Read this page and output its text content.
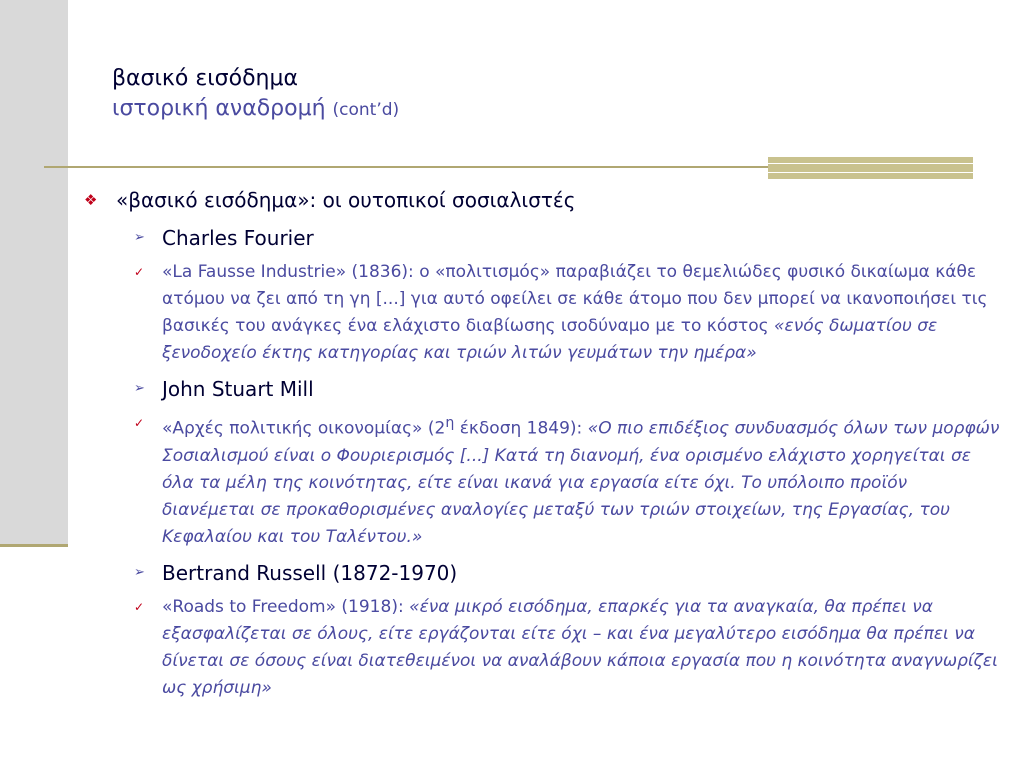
βασικό εισόδημα
ιστορική αναδρομή (cont’d)
❖ «βασικό εισόδημα»: οι ουτοπικοί σοσιαλιστές
➢ Charles Fourier
✓ «La Fausse Industrie» (1836): ο «πολιτισμός» παραβιάζει το θεμελιώδες φυσικό δικαίωμα κάθε ατόμου να ζει από τη γη [...] για αυτό οφείλει σε κάθε άτομο που δεν μπορεί να ικανοποιήσει τις βασικές του ανάγκες ένα ελάχιστο διαβίωσης ισοδύναμο με το κόστος «ενός δωματίου σε ξενοδοχείο έκτης κατηγορίας και τριών λιτών γευμάτων την ημέρα»
➢ John Stuart Mill
✓ «Αρχές πολιτικής οικονομίας» ($2^\eta$ έκδοση 1849): «Ο πιο επιδέξιος συνδυασμός όλων των μορφών Σοσιαλισμού είναι ο Φουριερισμός [...] Κατά τη διανομή, ένα ορισμένο ελάχιστο χορηγείται σε όλα τα μέλη της κοινότητας, είτε είναι ικανά για εργασία είτε όχι. Το υπόλοιπο προϊόν διανέμεται σε προκαθορισμένες αναλογίες μεταξύ των τριών στοιχείων, της Εργασίας, του Κεφαλαίου και του Ταλέντου.»
➢ Bertrand Russell (1872-1970)
✓ «Roads to Freedom» (1918): «ένα μικρό εισόδημα, επαρκές για τα αναγκαία, θα πρέπει να εξασφαλίζεται σε όλους, είτε εργάζονται είτε όχι – και ένα μεγαλύτερο εισόδημα θα πρέπει να δίνεται σε όσους είναι διατεθειμένοι να αναλάβουν κάποια εργασία που η κοινότητα αναγνωρίζει ως χρήσιμη»
